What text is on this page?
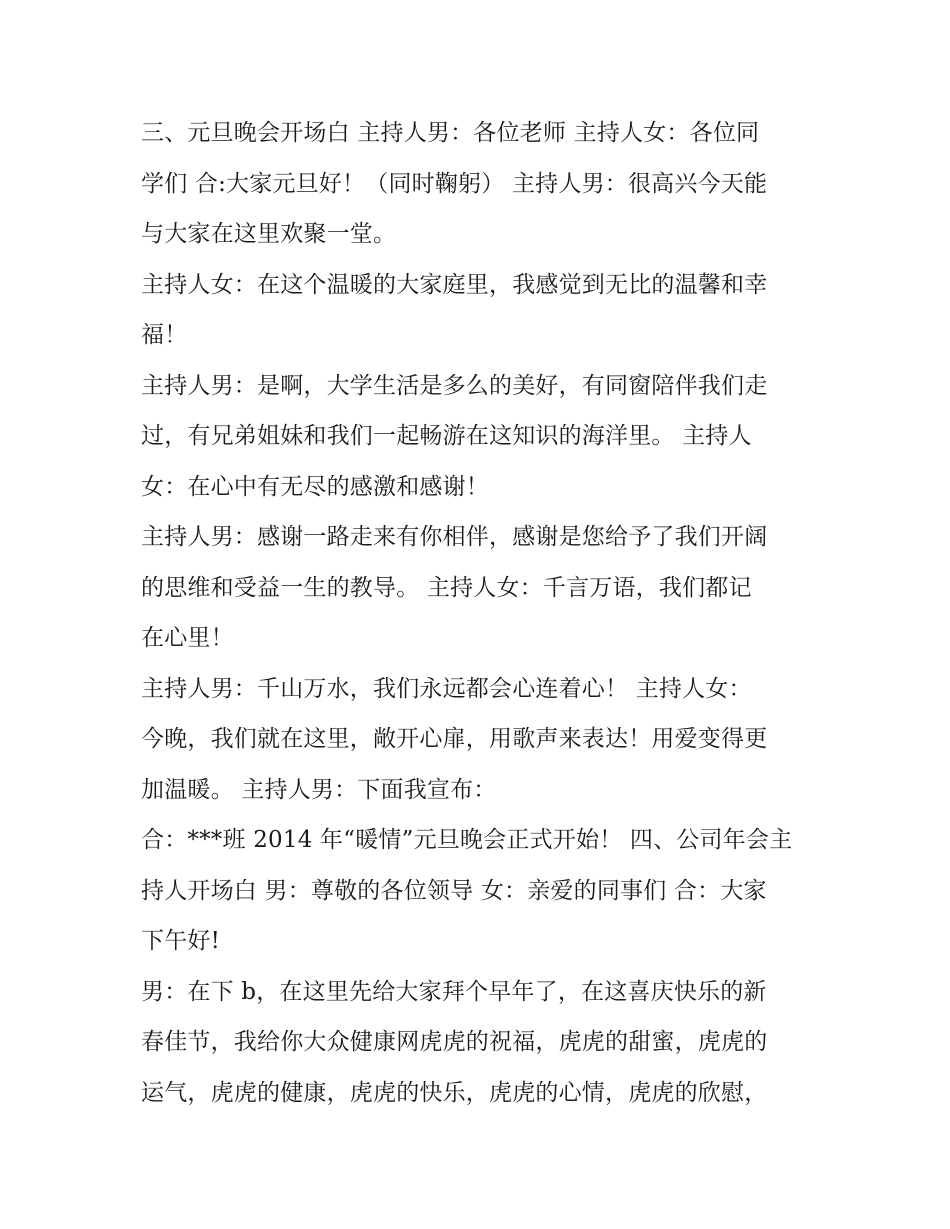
三、元旦晚会开场白 主持人男：各位老师 主持人女：各位同
学们 合:大家元旦好！（同时鞠躬） 主持人男：很高兴今天能
与大家在这里欢聚一堂。
主持人女：在这个温暖的大家庭里，我感觉到无比的温馨和幸
福！
主持人男：是啊，大学生活是多么的美好，有同窗陪伴我们走
过，有兄弟姐妹和我们一起畅游在这知识的海洋里。 主持人
女：在心中有无尽的感激和感谢！
主持人男：感谢一路走来有你相伴，感谢是您给予了我们开阔
的思维和受益一生的教导。 主持人女：千言万语，我们都记
在心里！
主持人男：千山万水，我们永远都会心连着心！ 主持人女：
今晚，我们就在这里，敞开心扉，用歌声来表达！用爱变得更
加温暖。 主持人男：下面我宣布：
合：***班 2014 年“暖情”元旦晚会正式开始！ 四、公司年会主
持人开场白 男：尊敬的各位领导 女：亲爱的同事们 合：大家
下午好!
男：在下 b，在这里先给大家拜个早年了，在这喜庆快乐的新
春佳节，我给你大众健康网虎虎的祝福，虎虎的甜蜜，虎虎的
运气，虎虎的健康，虎虎的快乐，虎虎的心情，虎虎的欣慰，
